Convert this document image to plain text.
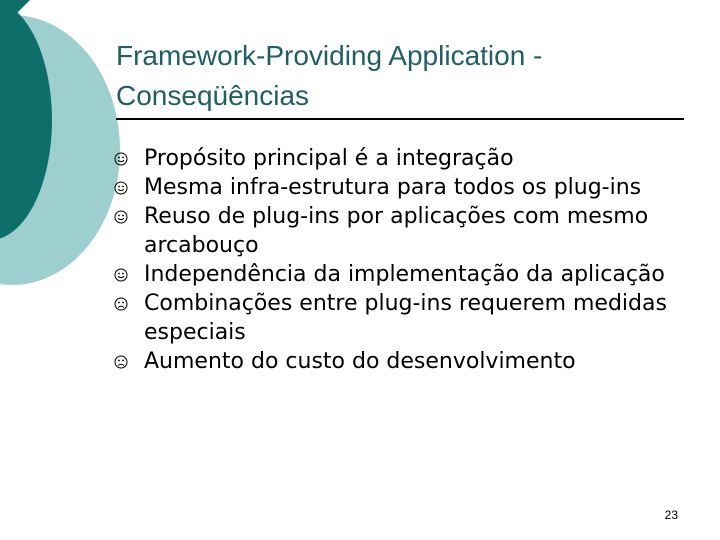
Framework-Providing Application - Conseqüências
Propósito principal é a integração
Mesma infra-estrutura para todos os plug-ins
Reuso de plug-ins por aplicações com mesmo arcabouço
Independência da implementação da aplicação
Combinações entre plug-ins requerem medidas especiais
Aumento do custo do desenvolvimento
23
